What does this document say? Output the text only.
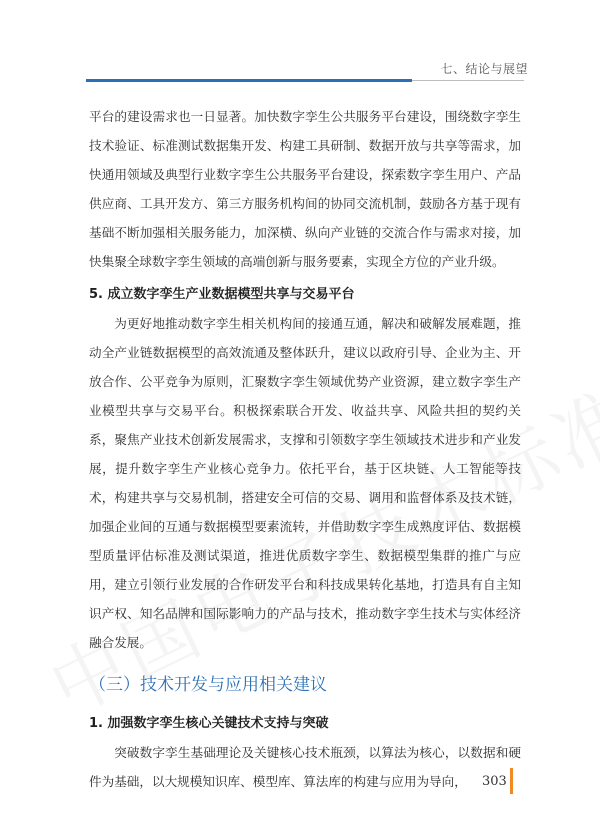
七、结论与展望

平台的建设需求也一日显著。加快数字孪生公共服务平台建设，围绕数字孪生技术验证、标准测试数据集开发、构建工具研制、数据开放与共享等需求，加快通用领域及典型行业数字孪生公共服务平台建设，探索数字孪生用户、产品供应商、工具开发方、第三方服务机构间的协同交流机制，鼓励各方基于现有基础不断加强相关服务能力，加深横、纵向产业链的交流合作与需求对接，加快集聚全球数字孪生领域的高端创新与服务要素，实现全方位的产业升级。

5. 成立数字孪生产业数据模型共享与交易平台

为更好地推动数字孪生相关机构间的接通互通，解决和破解发展难题，推动全产业链数据模型的高效流通及整体跃升，建议以政府引导、企业为主、开放合作、公平竞争为原则，汇聚数字孪生领域优势产业资源，建立数字孪生产业模型共享与交易平台。积极探索联合开发、收益共享、风险共担的契约关系，聚焦产业技术创新发展需求，支撑和引领数字孪生领域技术进步和产业发展，提升数字孪生产业核心竞争力。依托平台，基于区块链、人工智能等技术，构建共享与交易机制，搭建安全可信的交易、调用和监督体系及技术链，加强企业间的互通与数据模型要素流转，并借助数字孪生成熟度评估、数据模型质量评估标准及测试渠道，推进优质数字孪生、数据模型集群的推广与应用，建立引领行业发展的合作研发平台和科技成果转化基地，打造具有自主知识产权、知名品牌和国际影响力的产品与技术，推动数字孪生技术与实体经济融合发展。

（三）技术开发与应用相关建议

1. 加强数字孪生核心关键技术支持与突破

突破数字孪生基础理论及关键核心技术瓶颈，以算法为核心，以数据和硬件为基础，以大规模知识库、模型库、算法库的构建与应用为导向，	303
